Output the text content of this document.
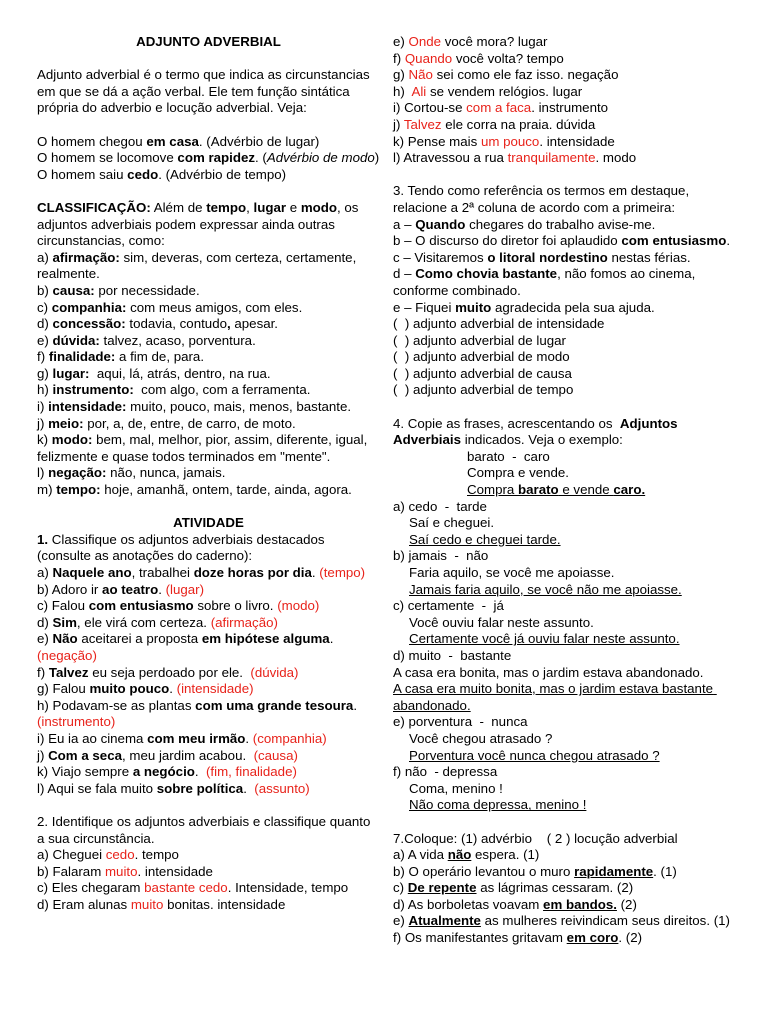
ADJUNTO ADVERBIAL
Adjunto adverbial é o termo que indica as circunstancias em que se dá a ação verbal. Ele tem função sintática própria do adverbio e locução adverbial. Veja:
O homem chegou em casa. (Advérbio de lugar)
O homem se locomove com rapidez. (Advérbio de modo)
O homem saiu cedo. (Advérbio de tempo)
CLASSIFICAÇÃO: Além de tempo, lugar e modo, os adjuntos adverbiais podem expressar ainda outras circunstancias, como:
a) afirmação: sim, deveras, com certeza, certamente, realmente.
b) causa: por necessidade.
c) companhia: com meus amigos, com eles.
d) concessão: todavia, contudo, apesar.
e) dúvida: talvez, acaso, porventura.
f) finalidade: a fim de, para.
g) lugar:  aqui, lá, atrás, dentro, na rua.
h) instrumento:  com algo, com a ferramenta.
i) intensidade: muito, pouco, mais, menos, bastante.
j) meio: por, a, de, entre, de carro, de moto.
k) modo: bem, mal, melhor, pior, assim, diferente, igual, felizmente e quase todos terminados em "mente".
l) negação: não, nunca, jamais.
m) tempo: hoje, amanhã, ontem, tarde, ainda, agora.
ATIVIDADE
1. Classifique os adjuntos adverbiais destacados (consulte as anotações do caderno):
a) Naquele ano, trabalhei doze horas por dia. (tempo)
b) Adoro ir ao teatro. (lugar)
c) Falou com entusiasmo sobre o livro. (modo)
d) Sim, ele virá com certeza. (afirmação)
e) Não aceitarei a proposta em hipótese alguma. (negação)
f) Talvez eu seja perdoado por ele.  (dúvida)
g) Falou muito pouco. (intensidade)
h) Podavam-se as plantas com uma grande tesoura.  (instrumento)
i) Eu ia ao cinema com meu irmão. (companhia)
j) Com a seca, meu jardim acabou.  (causa)
k) Viajo sempre a negócio.  (fim, finalidade)
l) Aqui se fala muito sobre política.  (assunto)
2. Identifique os adjuntos adverbiais e classifique quanto a sua circunstância.
a) Cheguei cedo. tempo
b) Falaram muito. intensidade
c) Eles chegaram bastante cedo. Intensidade, tempo
d) Eram alunas muito bonitas. intensidade
e) Onde você mora? lugar
f) Quando você volta? tempo
g) Não sei como ele faz isso. negação
h)  Ali se vendem relógios. lugar
i) Cortou-se com a faca. instrumento
j) Talvez ele corra na praia. dúvida
k) Pense mais um pouco. intensidade
l) Atravessou a rua tranquilamente. modo
3. Tendo como referência os termos em destaque, relacione a 2ª coluna de acordo com a primeira:
a – Quando chegares do trabalho avise-me.
b – O discurso do diretor foi aplaudido com entusiasmo.
c – Visitaremos o litoral nordestino nestas férias.
d – Como chovia bastante, não fomos ao cinema, conforme combinado.
e – Fiquei muito agradecida pela sua ajuda.
(  ) adjunto adverbial de intensidade
(  ) adjunto adverbial de lugar
(  ) adjunto adverbial de modo
(  ) adjunto adverbial de causa
(  ) adjunto adverbial de tempo
4. Copie as frases, acrescentando os  Adjuntos Adverbiais indicados. Veja o exemplo:
barato  -  caro
Compra e vende.
Compra barato e vende caro.
a) cedo  -  tarde
Saí e cheguei.
Saí cedo e cheguei tarde.
b) jamais  -  não
Faria aquilo, se você me apoiasse.
Jamais faria aquilo, se você não me apoiasse.
c) certamente  -  já
Você ouviu falar neste assunto.
Certamente você já ouviu falar neste assunto.
d) muito  -  bastante
A casa era bonita, mas o jardim estava abandonado.
A casa era muito bonita, mas o jardim estava bastante abandonado.
e) porventura  -  nunca
Você chegou atrasado ?
Porventura você nunca chegou atrasado ?
f) não  - depressa
Coma, menino !
Não coma depressa, menino !
7.Coloque: (1) advérbio    ( 2 ) locução adverbial
a) A vida não espera. (1)
b) O operário levantou o muro rapidamente. (1)
c) De repente as lágrimas cessaram. (2)
d) As borboletas voavam em bandos. (2)
e) Atualmente as mulheres reivindicam seus direitos. (1)
f) Os manifestantes gritavam em coro. (2)
